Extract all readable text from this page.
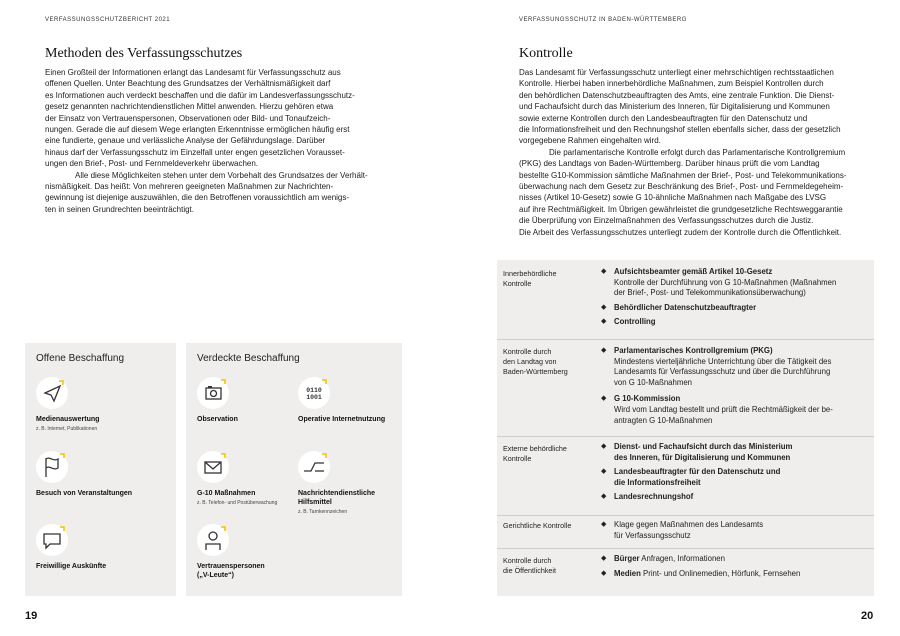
VERFASSUNGSSCHUTZBERICHT 2021
Methoden des Verfassungsschutzes

Einen Großteil der Informationen erlangt das Landesamt für Verfassungsschutz aus
offenen Quellen. Unter Beachtung des Grundsatzes der Verhältnismäßigkeit darf
es Informationen auch verdeckt beschaffen und die dafür im Landesverfassungsschutz-
gesetz genannten nachrichtendienstlichen Mittel anwenden. Hierzu gehören etwa
der Einsatz von Vertrauenspersonen, Observationen oder Bild- und Tonaufzeich-
nungen. Gerade die auf diesem Wege erlangten Erkenntnisse ermöglichen häufig erst
eine fundierte, genaue und verlässliche Analyse der Gefährdungslage. Darüber
hinaus darf der Verfassungsschutz im Einzelfall unter engen gesetzlichen Vorausset-
ungen den Brief-, Post- und Fernmeldeverkehr überwachen.

Alle diese Möglichkeiten stehen unter dem Vorbehalt des Grundsatzes der Verhält-
nismäßigkeit. Das heißt: Von mehreren geeigneten Maßnahmen zur Nachrichten-
gewinnung ist diejenige auszuwählen, die den Betroffenen voraussichtlich am wenigs-
ten in seinen Grundrechten beeinträchtigt.

Offene Beschaffung
Medienauswertung
z. B. Internet, Publikationen
Besuch von Veranstaltungen
Freiwillige Auskünfte
Verdeckte Beschaffung
Observation
0110
1001
Operative Internetnutzung
G-10 Maßnahmen
z. B. Telefon- und Postüberwachung
Nachrichtendienstliche
Hilfsmittel
z. B. Tarnkennzeichen
Vertrauenspersonen
(„V-Leute“)
19
VERFASSUNGSSCHUTZ IN BADEN-WÜRTTEMBERG
Kontrolle

Das Landesamt für Verfassungsschutz unterliegt einer mehrschichtigen rechtsstaatlichen
Kontrolle. Hierbei haben innerbehördliche Maßnahmen, zum Beispiel Kontrollen durch
den behördlichen Datenschutzbeauftragten des Amts, eine zentrale Funktion. Die Dienst-
und Fachaufsicht durch das Ministerium des Inneren, für Digitalisierung und Kommunen
sowie externe Kontrollen durch den Landesbeauftragten für den Datenschutz und
die Informationsfreiheit und den Rechnungshof stellen ebenfalls sicher, dass der gesetzlich
vorgegebene Rahmen eingehalten wird.

Die parlamentarische Kontrolle erfolgt durch das Parlamentarische Kontrollgremium
(PKG) des Landtags von Baden-Württemberg. Darüber hinaus prüft die vom Landtag
bestellte G10-Kommission sämtliche Maßnahmen der Brief-, Post- und Telekommunikations-
überwachung nach dem Gesetz zur Beschränkung des Brief-, Post- und Fernmeldegeheim-
nisses (Artikel 10-Gesetz) sowie G 10-ähnliche Maßnahmen nach Maßgabe des LVSG
auf ihre Rechtmäßigkeit. Im Übrigen gewährleistet die grundgesetzliche Rechtsweggarantie
die Überprüfung von Einzelmaßnahmen des Verfassungsschutzes durch die Justiz.
Die Arbeit des Verfassungsschutzes unterliegt zudem der Kontrolle durch die Öffentlichkeit.

Innerbehördliche
Kontrolle
◆ Aufsichtsbeamter gemäß Artikel 10-Gesetz
Kontrolle der Durchführung von G 10-Maßnahmen (Maßnahmen
der Brief-, Post- und Telekommunikationsüberwachung)
◆ Behördlicher Datenschutzbeauftragter
◆ Controlling
Kontrolle durch
den Landtag von
Baden-Württemberg
◆ Parlamentarisches Kontrollgremium (PKG)
Mindestens vierteljährliche Unterrichtung über die Tätigkeit des
Landesamts für Verfassungsschutz und über die Durchführung
von G 10-Maßnahmen
◆ G 10-Kommission
Wird vom Landtag bestellt und prüft die Rechtmäßigkeit der be-
antragten G 10-Maßnahmen
Externe behördliche
Kontrolle
◆ Dienst- und Fachaufsicht durch das Ministerium
des Inneren, für Digitalisierung und Kommunen
◆ Landesbeauftragter für den Datenschutz und
die Informationsfreiheit
◆ Landesrechnungshof
Gerichtliche Kontrolle	◆ Klage gegen Maßnahmen des Landesamts
für Verfassungsschutz
Kontrolle durch
die Öffentlichkeit
◆ Bürger Anfragen, Informationen
◆ Medien Print- und Onlinemedien, Hörfunk, Fernsehen
20
